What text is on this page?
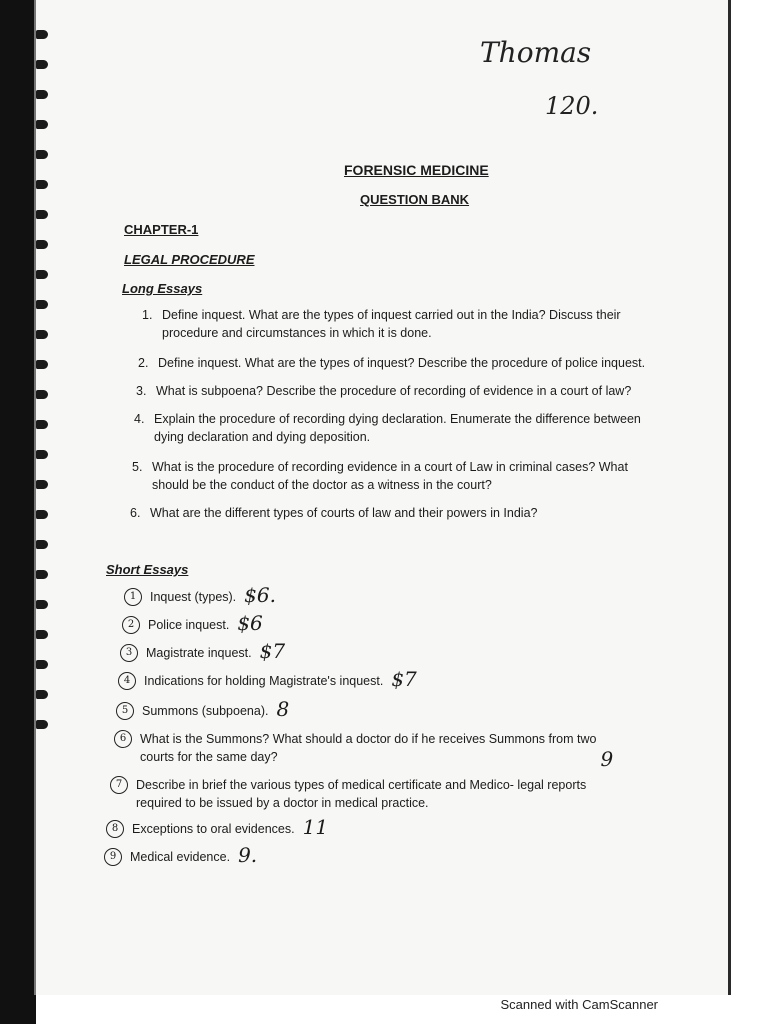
Thomas
120.
FORENSIC MEDICINE
QUESTION BANK
CHAPTER-1
LEGAL PROCEDURE
Long Essays
1. Define inquest. What are the types of inquest carried out in the India? Discuss their
procedure and circumstances in which it is done.
2. Define inquest. What are the types of inquest? Describe the procedure of police inquest.
3. What is subpoena? Describe the procedure of recording of evidence in a court of law?
4. Explain the procedure of recording dying declaration. Enumerate the difference between
dying declaration and dying deposition.
5. What is the procedure of recording evidence in a court of Law in criminal cases? What
should be the conduct of the doctor as a witness in the court?
6. What are the different types of courts of law and their powers in India?
Short Essays
1	Inquest (types). $6.
2	Police inquest. $6
3	Magistrate inquest. $7
4	Indications for holding Magistrate's inquest. $7
5	Summons (subpoena). 8
6	What is the Summons? What should a doctor do if he receives Summons from two
courts for the same day?	9
7	Describe in brief the various types of medical certificate and Medico- legal reports
required to be issued by a doctor in medical practice.
8	Exceptions to oral evidences. 11
9	Medical evidence. 9.
Scanned with CamScanner
